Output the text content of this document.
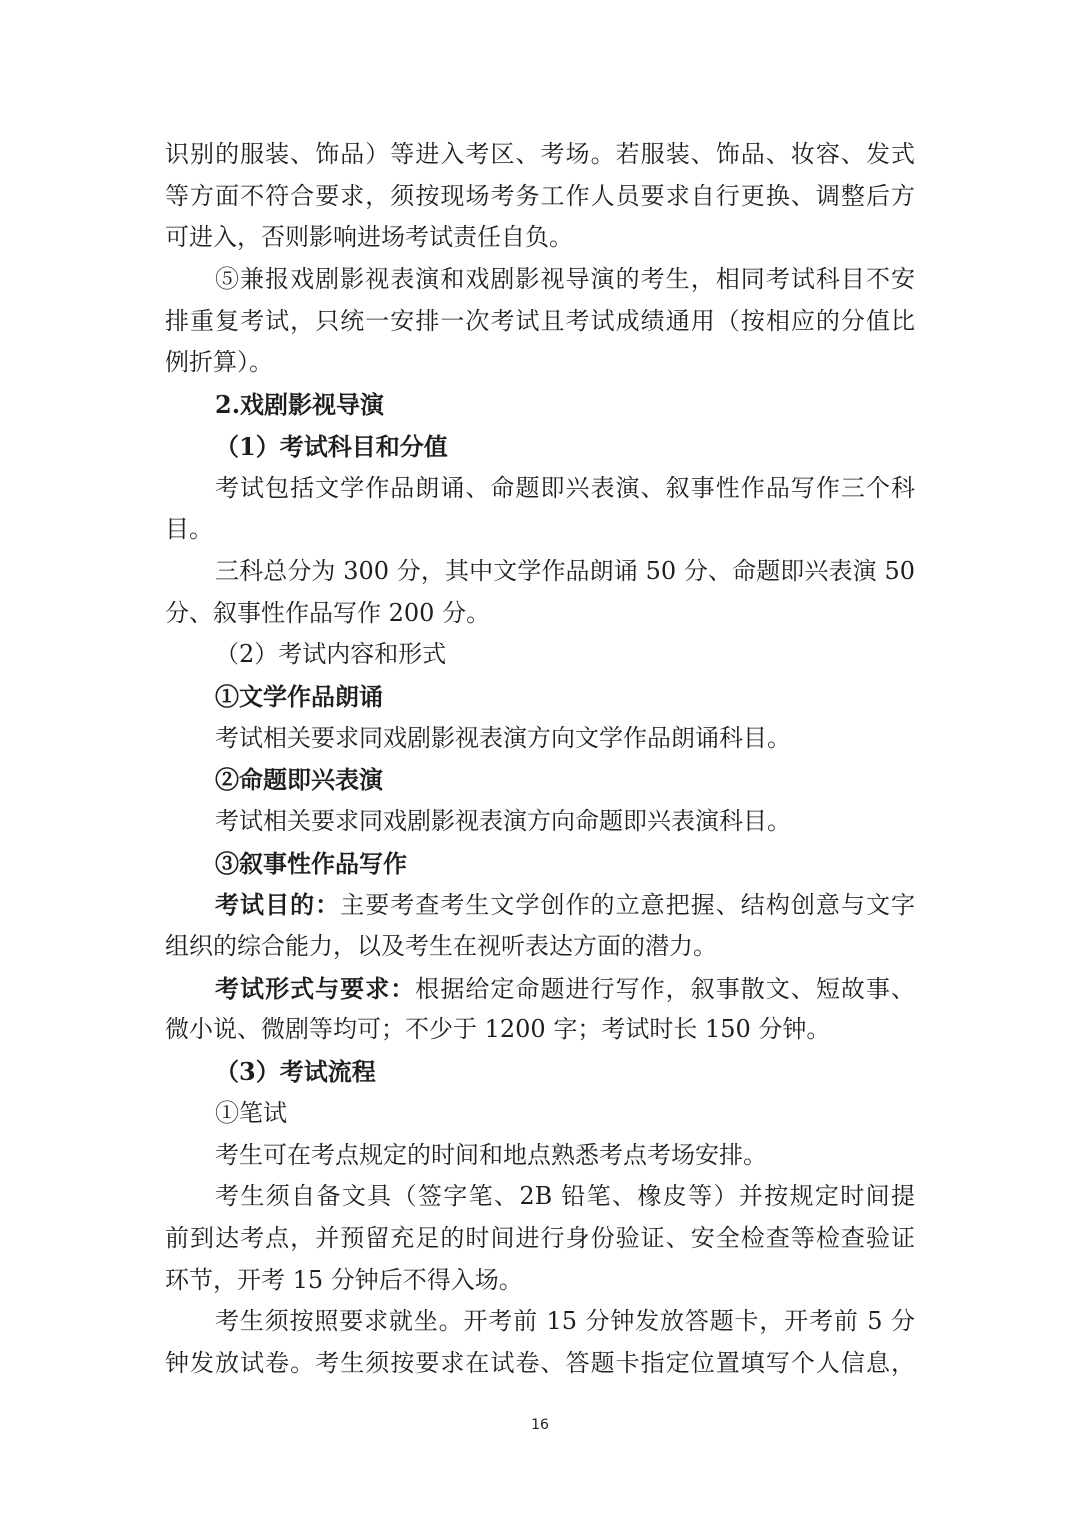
识别的服装、饰品）等进入考区、考场。若服装、饰品、妆容、发式
等方面不符合要求，须按现场考务工作人员要求自行更换、调整后方
可进入，否则影响进场考试责任自负。
⑤兼报戏剧影视表演和戏剧影视导演的考生，相同考试科目不安
排重复考试，只统一安排一次考试且考试成绩通用（按相应的分值比
例折算）。
2.戏剧影视导演
（1）考试科目和分值
考试包括文学作品朗诵、命题即兴表演、叙事性作品写作三个科
目。
三科总分为 300 分，其中文学作品朗诵 50 分、命题即兴表演 50
分、叙事性作品写作 200 分。
（2）考试内容和形式
①文学作品朗诵
考试相关要求同戏剧影视表演方向文学作品朗诵科目。
②命题即兴表演
考试相关要求同戏剧影视表演方向命题即兴表演科目。
③叙事性作品写作
考试目的：主要考查考生文学创作的立意把握、结构创意与文字
组织的综合能力，以及考生在视听表达方面的潜力。
考试形式与要求：根据给定命题进行写作，叙事散文、短故事、
微小说、微剧等均可；不少于 1200 字；考试时长 150 分钟。
（3）考试流程
①笔试
考生可在考点规定的时间和地点熟悉考点考场安排。
考生须自备文具（签字笔、2B 铅笔、橡皮等）并按规定时间提
前到达考点，并预留充足的时间进行身份验证、安全检查等检查验证
环节，开考 15 分钟后不得入场。
考生须按照要求就坐。开考前 15 分钟发放答题卡，开考前 5 分
钟发放试卷。考生须按要求在试卷、答题卡指定位置填写个人信息，
16
